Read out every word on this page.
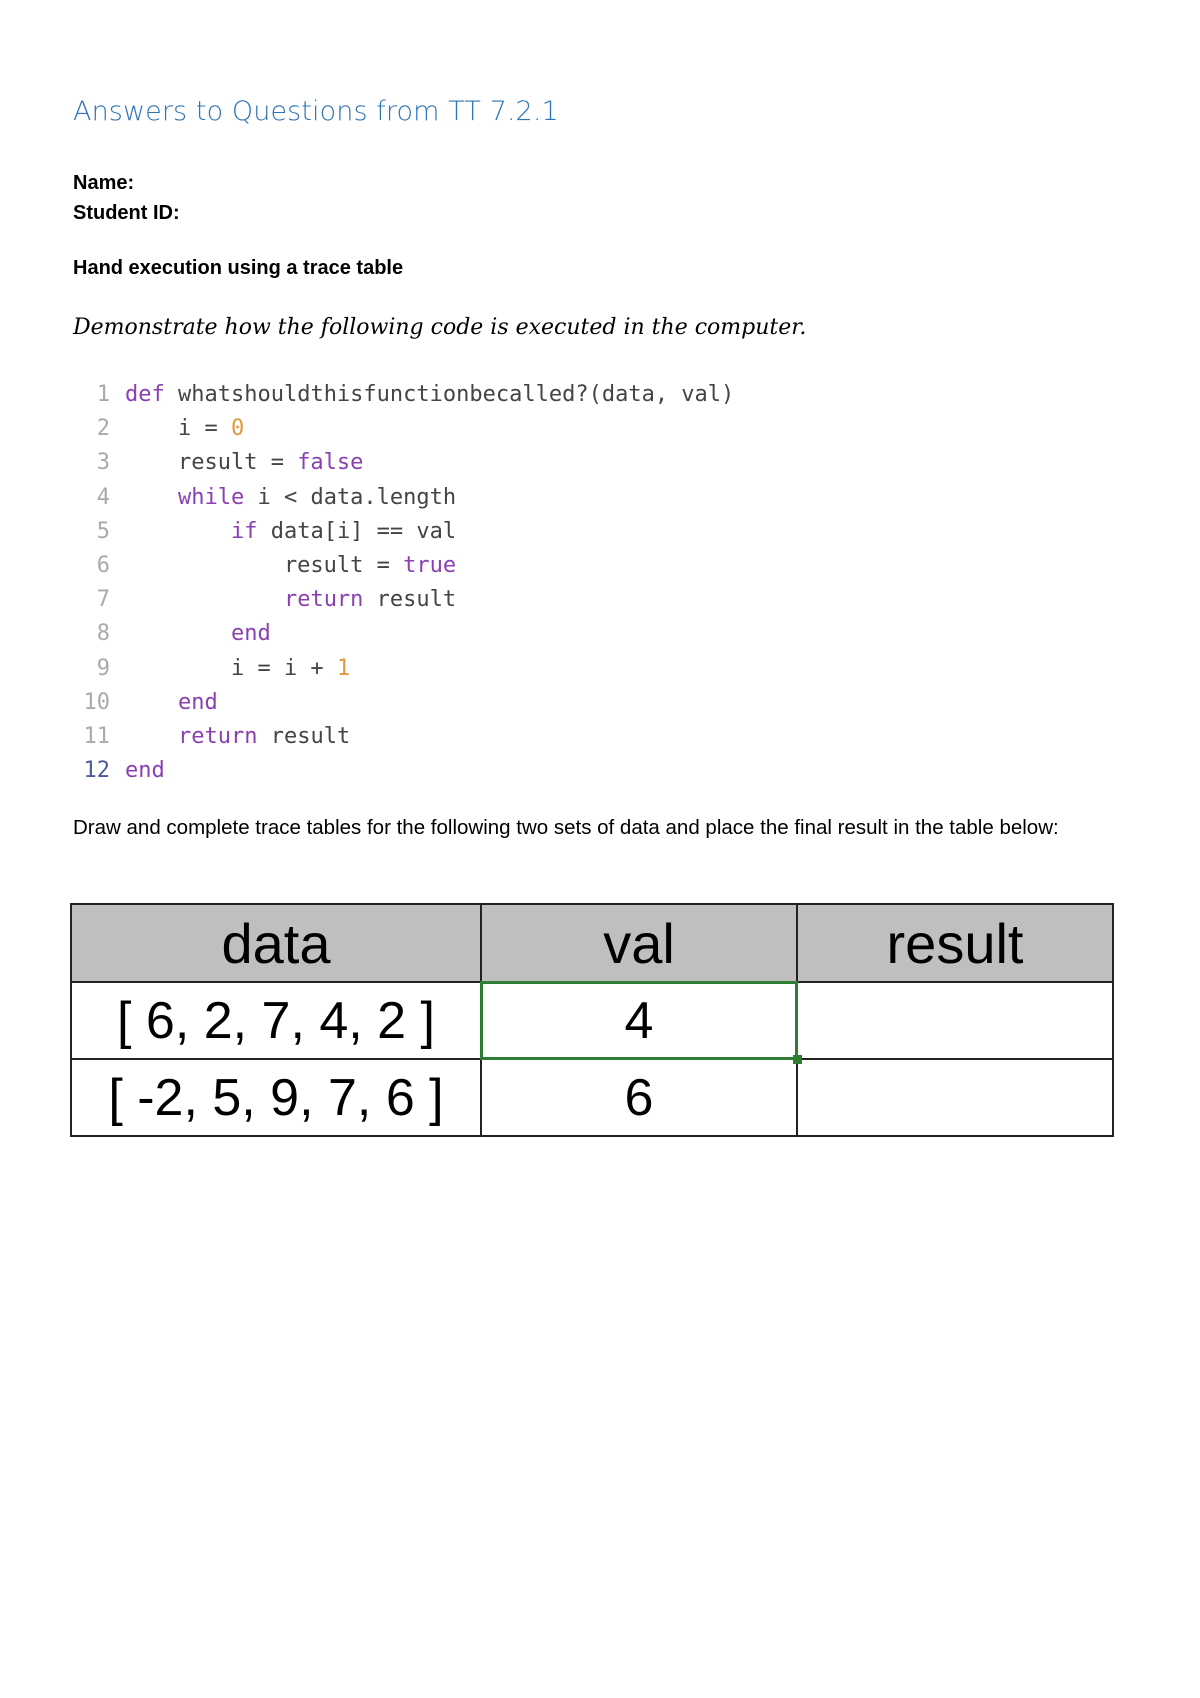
Answers to Questions from TT 7.2.1
Name:
Student ID:
Hand execution using a trace table
Demonstrate how the following code is executed in the computer.
1 def whatshouldthisfunctionbecalled?(data, val)
2    i = 0
3    result = false
4	while i < data.length
5	if data[i] == val
6            result = true
7	return result
8	end
9        i = i + 1
10	end
11	return result
12 end
Draw and complete trace tables for the following two sets of data and place the final result in the table below:
data	val	result
[ 6, 2, 7, 4, 2 ]	4

[ -2, 5, 9, 7, 6 ]	6	
